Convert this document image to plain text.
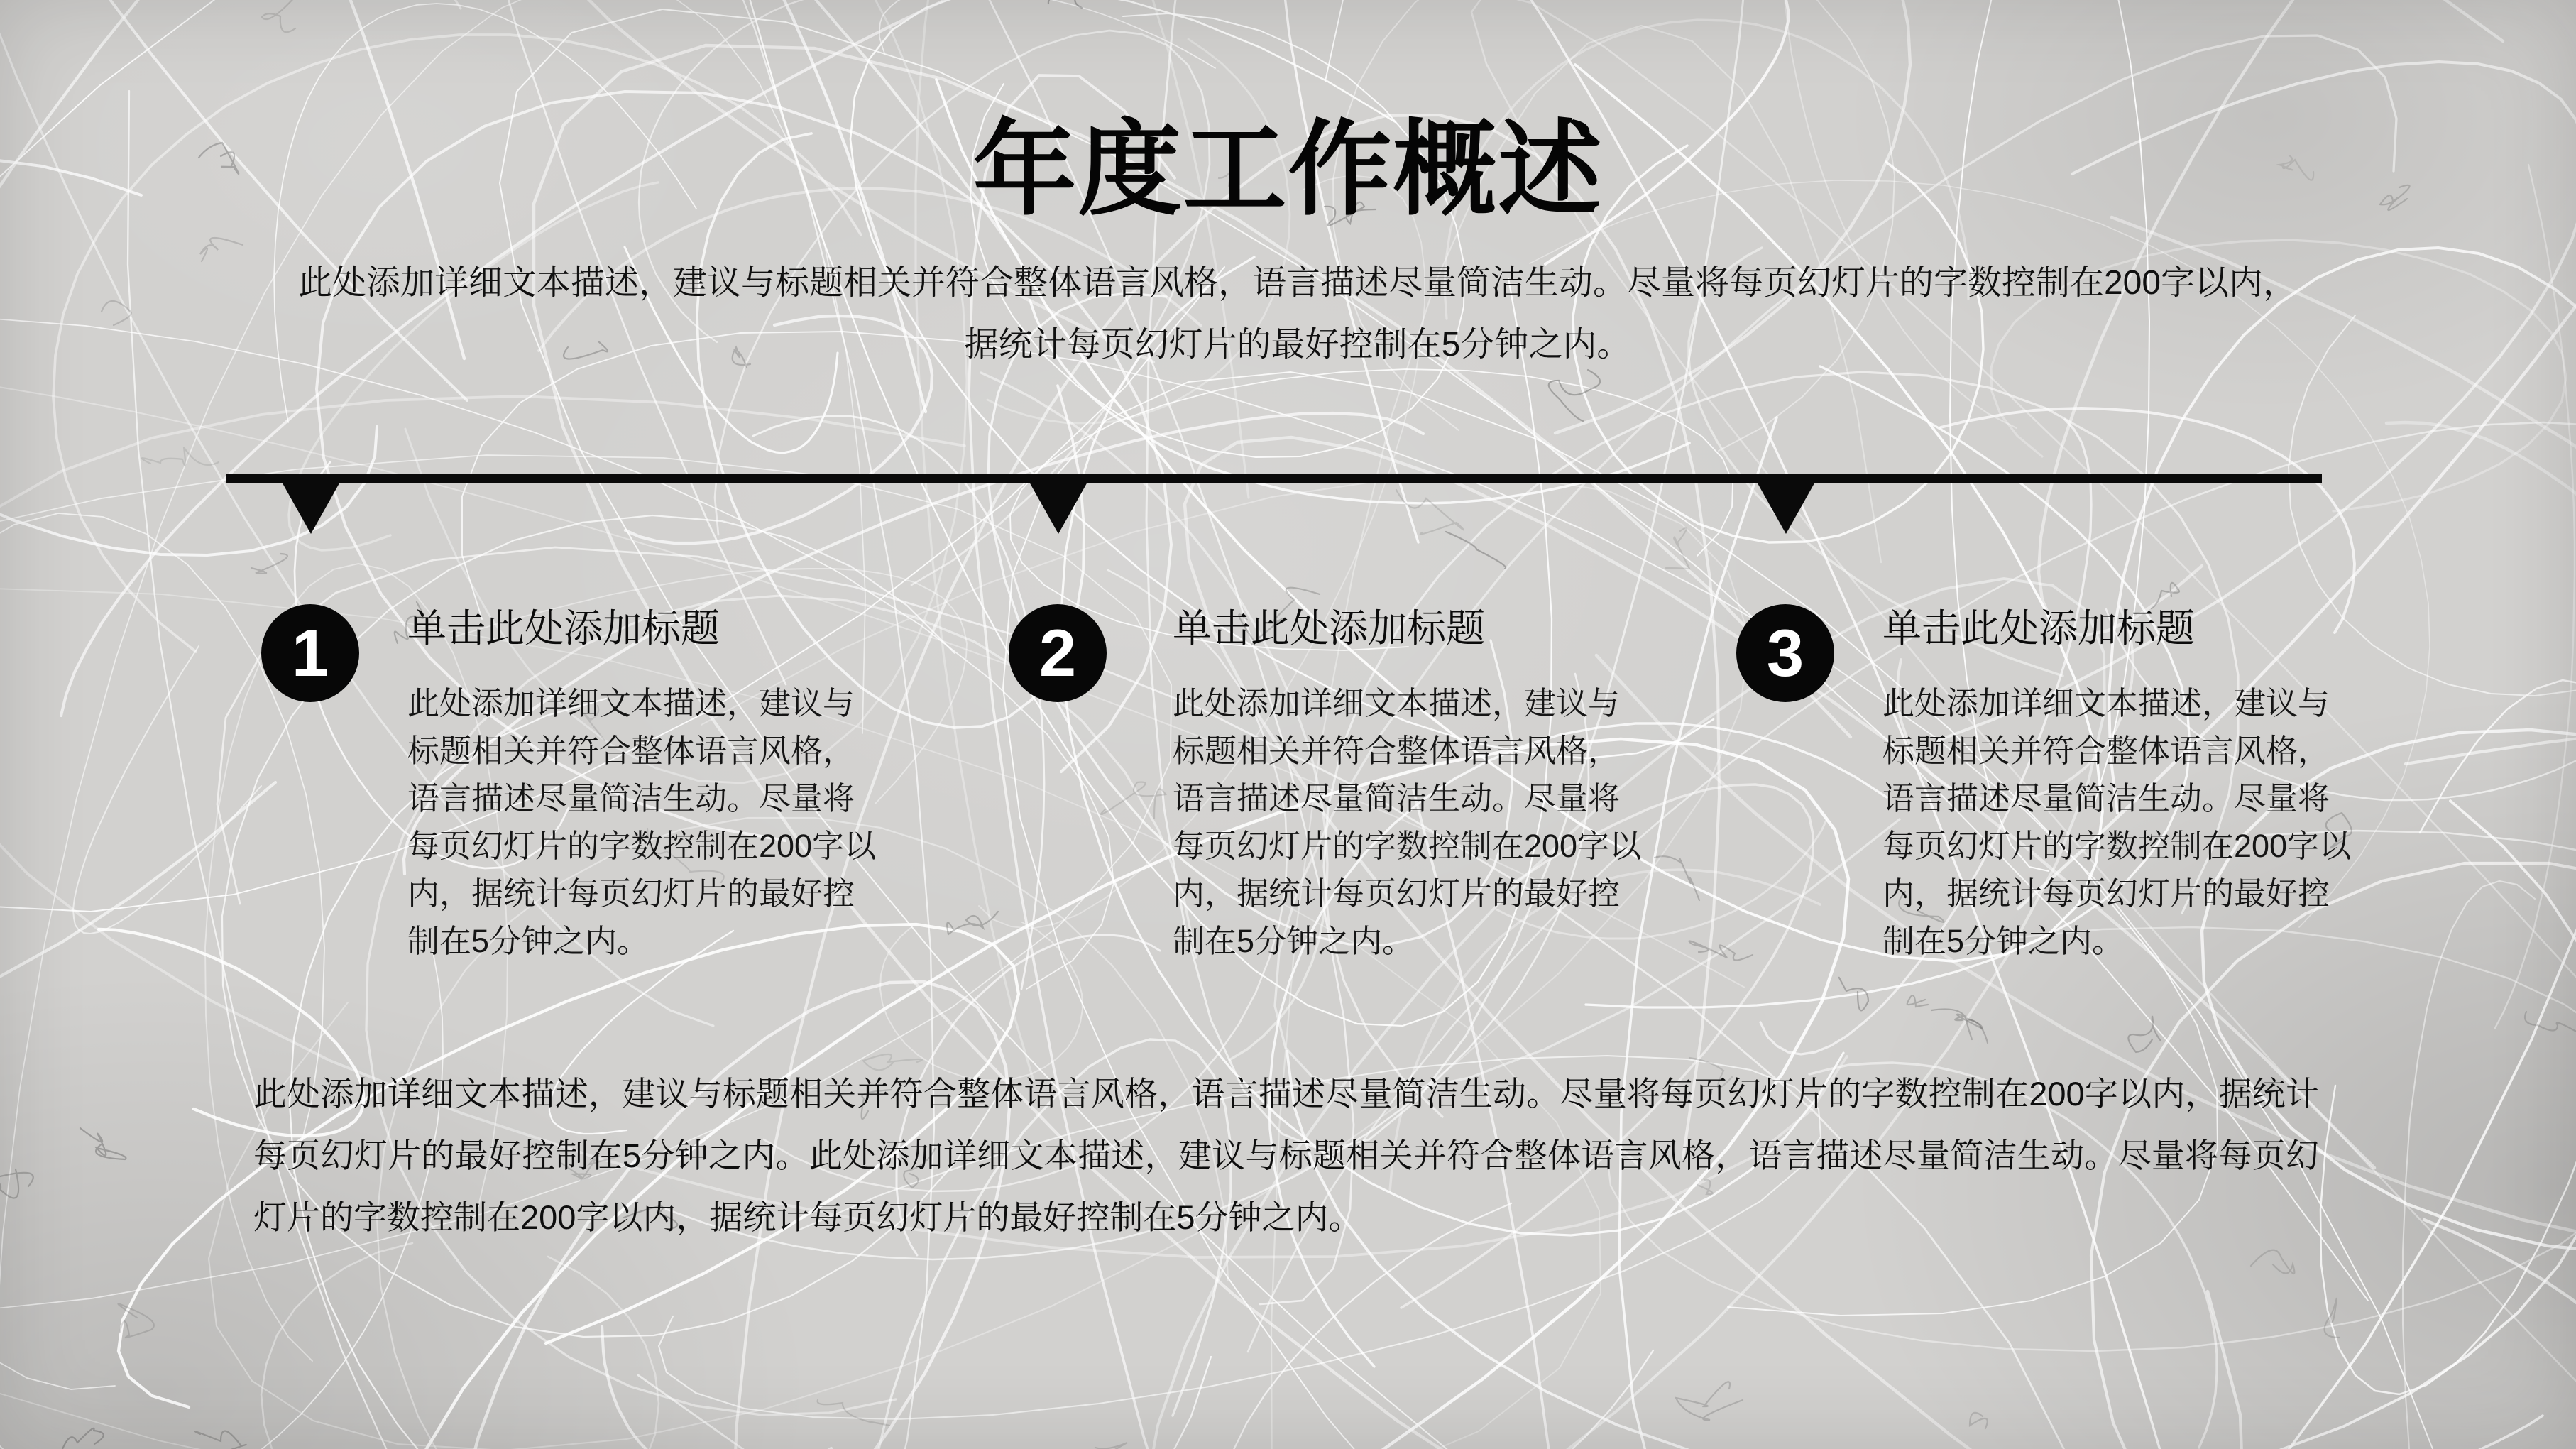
年度工作概述

此处添加详细文本描述，建议与标题相关并符合整体语言风格，语言描述尽量简洁生动。尽量将每页幻灯片的字数控制在200字以内，据统计每页幻灯片的最好控制在5分钟之内。

1 单击此处添加标题

此处添加详细文本描述，建议与标题相关并符合整体语言风格，语言描述尽量简洁生动。尽量将每页幻灯片的字数控制在200字以内，据统计每页幻灯片的最好控制在5分钟之内。

2 单击此处添加标题

此处添加详细文本描述，建议与标题相关并符合整体语言风格，语言描述尽量简洁生动。尽量将每页幻灯片的字数控制在200字以内，据统计每页幻灯片的最好控制在5分钟之内。

3 单击此处添加标题

此处添加详细文本描述，建议与标题相关并符合整体语言风格，语言描述尽量简洁生动。尽量将每页幻灯片的字数控制在200字以内，据统计每页幻灯片的最好控制在5分钟之内。

此处添加详细文本描述，建议与标题相关并符合整体语言风格，语言描述尽量简洁生动。尽量将每页幻灯片的字数控制在200字以内，据统计每页幻灯片的最好控制在5分钟之内。此处添加详细文本描述，建议与标题相关并符合整体语言风格，语言描述尽量简洁生动。尽量将每页幻灯片的字数控制在200字以内，据统计每页幻灯片的最好控制在5分钟之内。
